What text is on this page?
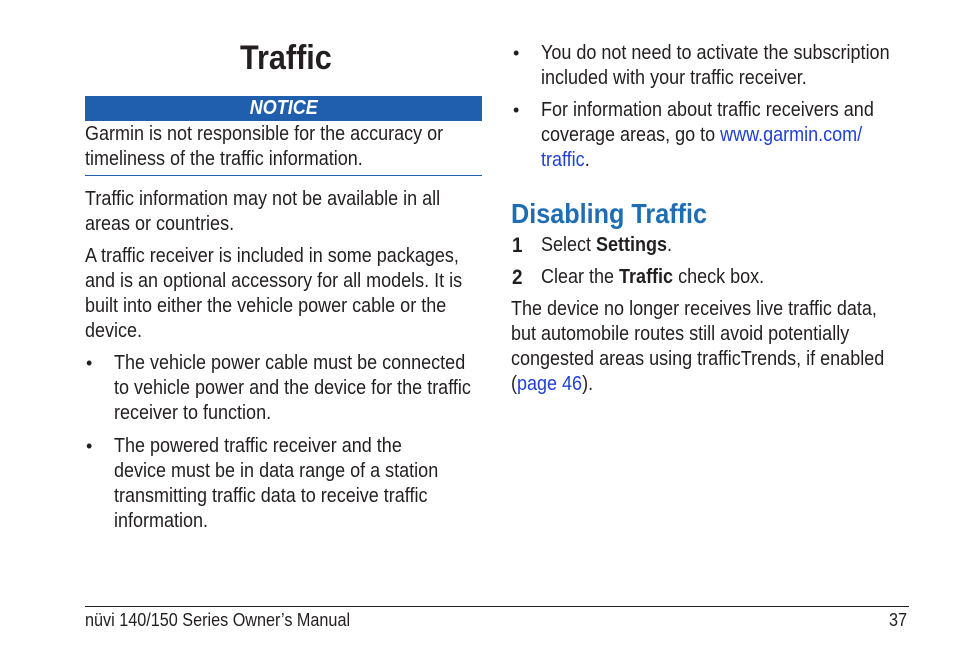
Traffic
NOTICE
Garmin is not responsible for the accuracy or
timeliness of the traffic information.
Traffic information may not be available in all
areas or countries.
A traffic receiver is included in some packages,
and is an optional accessory for all models. It is
built into either the vehicle power cable or the
device.
• The vehicle power cable must be connected
to vehicle power and the device for the traffic
receiver to function.
• The powered traffic receiver and the
device must be in data range of a station
transmitting traffic data to receive traffic
information.
• You do not need to activate the subscription
included with your traffic receiver.
• For information about traffic receivers and
coverage areas, go to www.garmin.com/
traffic.
Disabling Traffic
1 Select Settings.
2 Clear the Traffic check box.
The device no longer receives live traffic data,
but automobile routes still avoid potentially
congested areas using trafficTrends, if enabled
(page 46).
nüvi 140/150 Series Owner’s Manual	37
